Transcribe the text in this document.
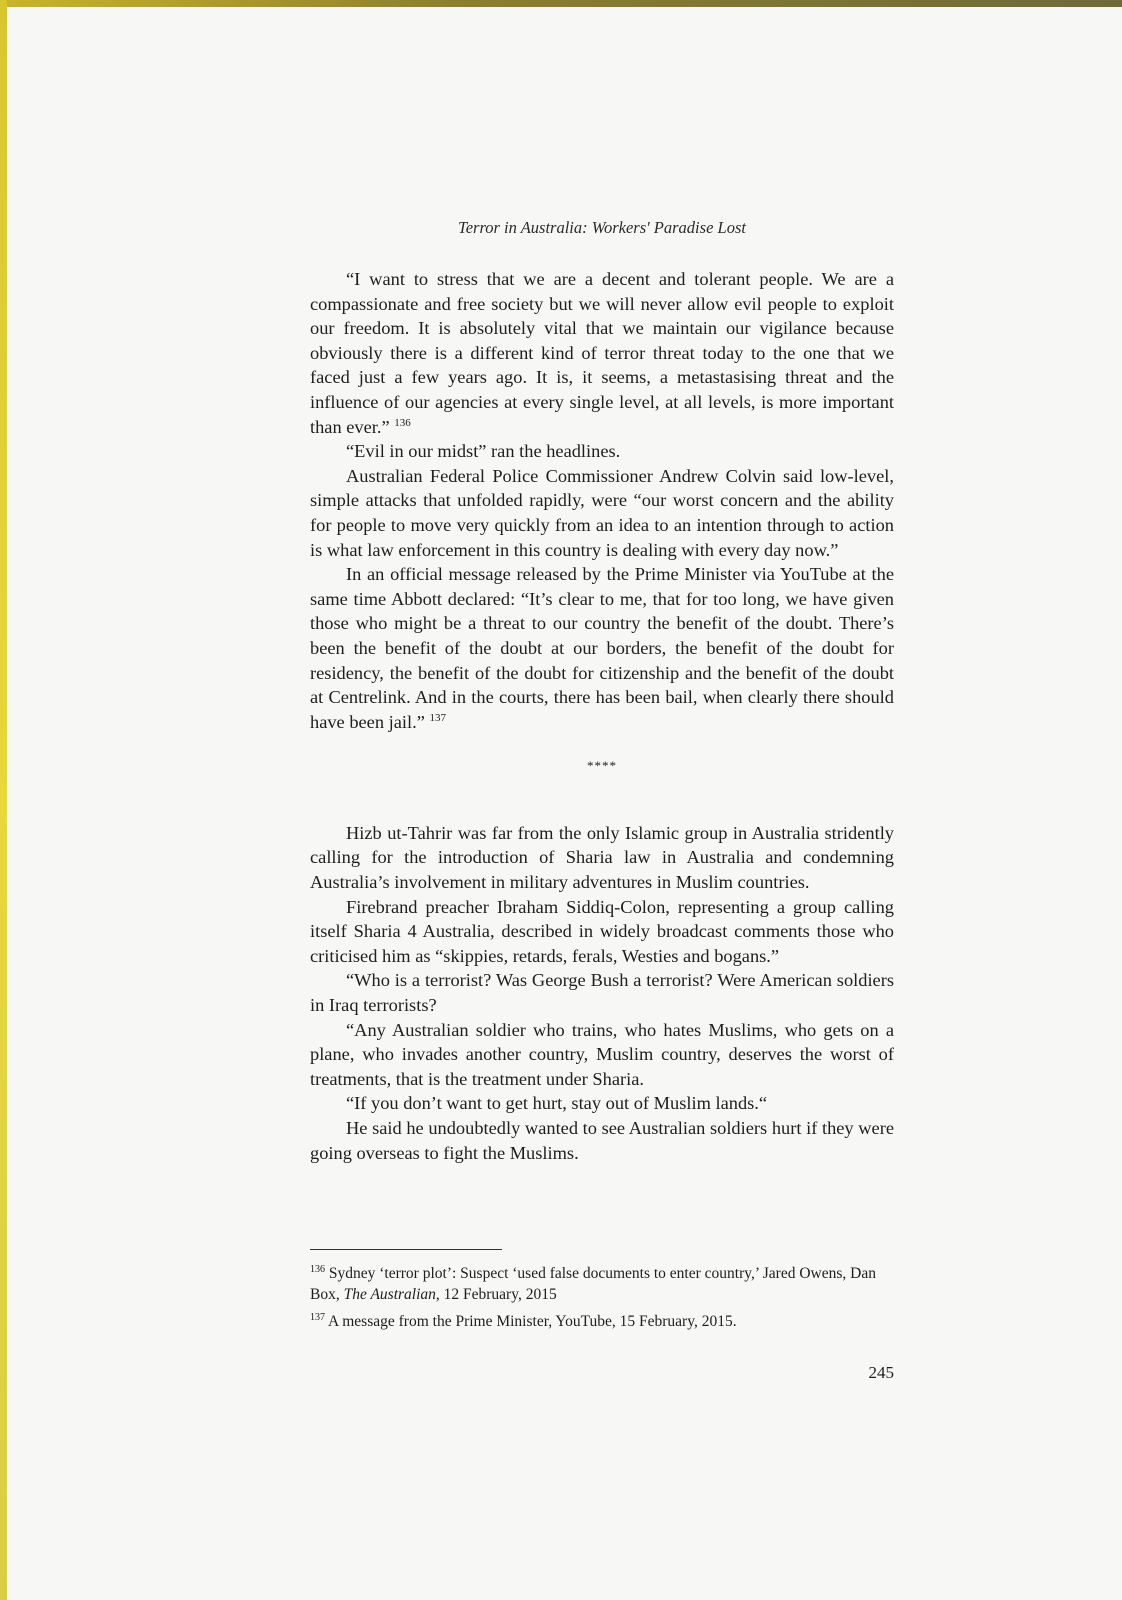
Terror in Australia: Workers' Paradise Lost

“I want to stress that we are a decent and tolerant people. We are a compassionate and free society but we will never allow evil people to exploit our freedom. It is absolutely vital that we maintain our vigilance because obviously there is a different kind of terror threat today to the one that we faced just a few years ago. It is, it seems, a metastasising threat and the influence of our agencies at every single level, at all levels, is more important than ever.” $^{136}$

“Evil in our midst” ran the headlines.

Australian Federal Police Commissioner Andrew Colvin said low-level, simple attacks that unfolded rapidly, were “our worst concern and the ability for people to move very quickly from an idea to an intention through to action is what law enforcement in this country is dealing with every day now.”

In an official message released by the Prime Minister via YouTube at the same time Abbott declared: “It’s clear to me, that for too long, we have given those who might be a threat to our country the benefit of the doubt. There’s been the benefit of the doubt at our borders, the benefit of the doubt for residency, the benefit of the doubt for citizenship and the benefit of the doubt at Centrelink. And in the courts, there has been bail, when clearly there should have been jail.” $^{137}$

****

Hizb ut-Tahrir was far from the only Islamic group in Australia stridently calling for the introduction of Sharia law in Australia and condemning Australia’s involvement in military adventures in Muslim countries.

Firebrand preacher Ibraham Siddiq-Colon, representing a group calling itself Sharia 4 Australia, described in widely broadcast comments those who criticised him as “skippies, retards, ferals, Westies and bogans.”

“Who is a terrorist? Was George Bush a terrorist? Were American soldiers in Iraq terrorists?

“Any Australian soldier who trains, who hates Muslims, who gets on a plane, who invades another country, Muslim country, deserves the worst of treatments, that is the treatment under Sharia.

“If you don’t want to get hurt, stay out of Muslim lands.“

He said he undoubtedly wanted to see Australian soldiers hurt if they were going overseas to fight the Muslims.

$^{136}$ Sydney ‘terror plot’: Suspect ‘used false documents to enter country,’ Jared Owens, Dan Box, The Australian, 12 February, 2015

$^{137}$ A message from the Prime Minister, YouTube, 15 February, 2015.

245
